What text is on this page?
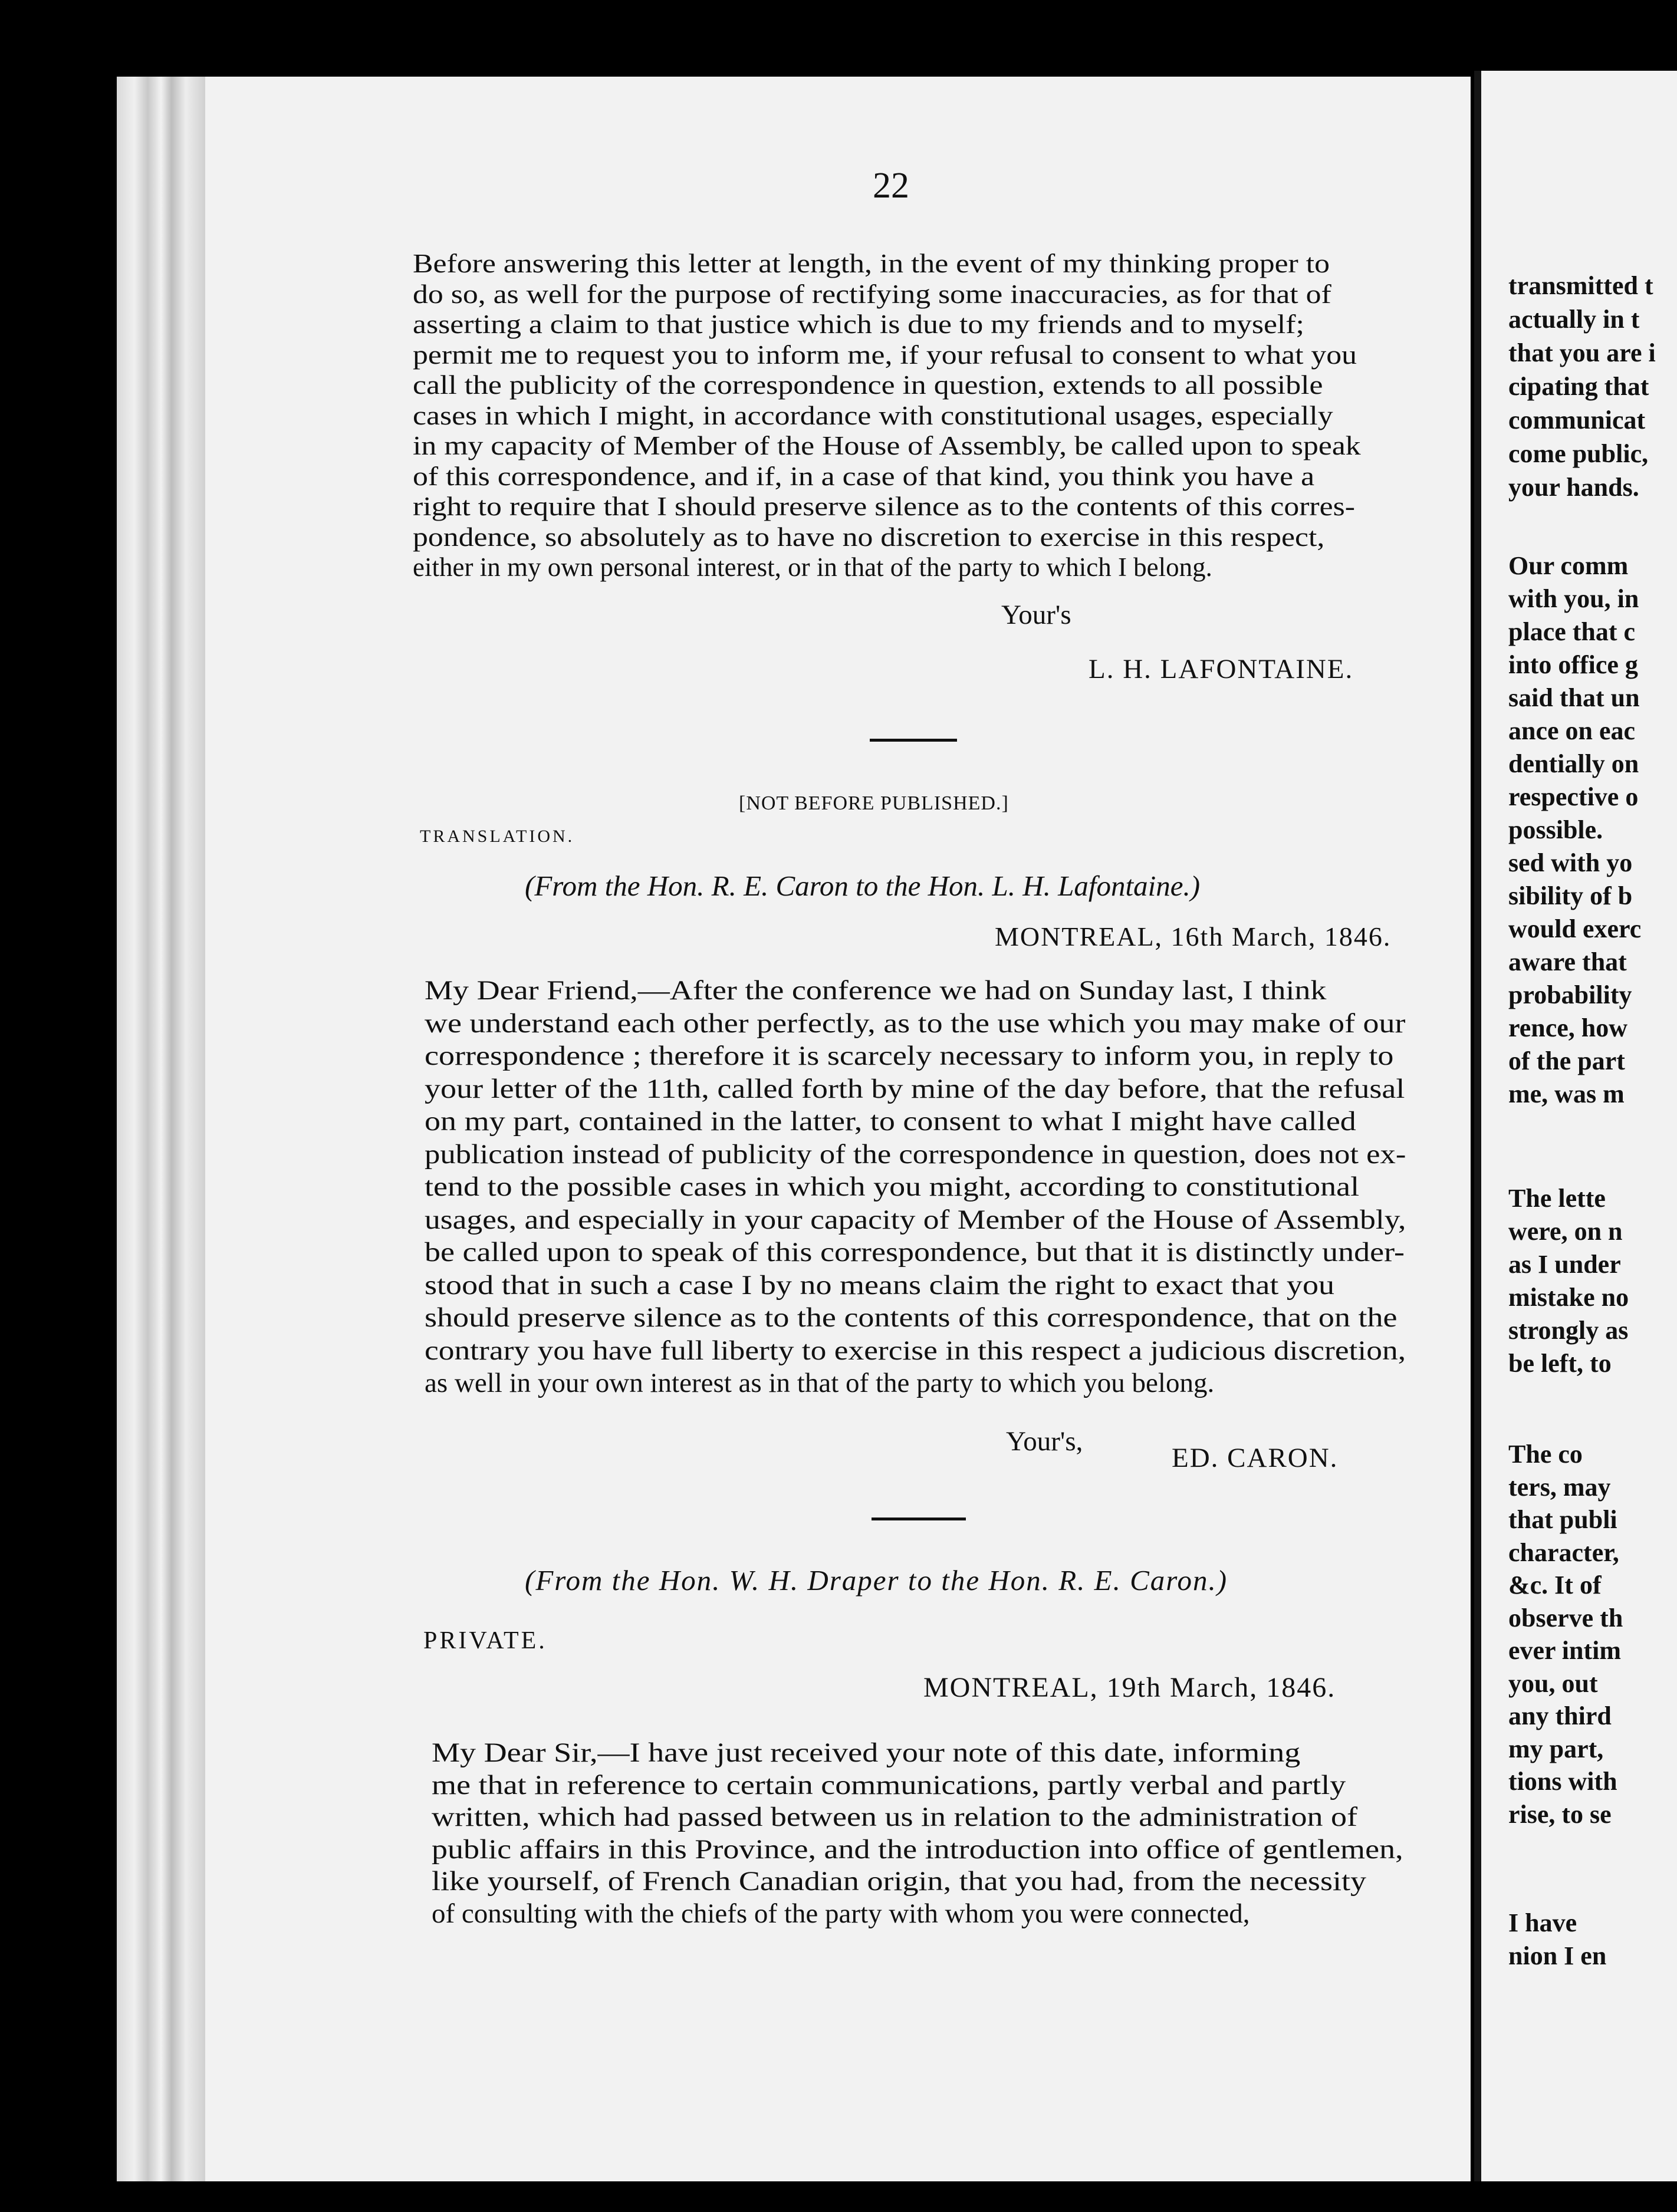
22
Before answering this letter at length, in the event of my thinking proper to
do so, as well for the purpose of rectifying some inaccuracies, as for that of
asserting a claim to that justice which is due to my friends and to myself;
permit me to request you to inform me, if your refusal to consent to what you
call the publicity of the correspondence in question, extends to all possible
cases in which I might, in accordance with constitutional usages, especially
in my capacity of Member of the House of Assembly, be called upon to speak
of this correspondence, and if, in a case of that kind, you think you have a
right to require that I should preserve silence as to the contents of this corres-
pondence, so absolutely as to have no discretion to exercise in this respect,
either in my own personal interest, or in that of the party to which I belong.
Your's
L. H. LAFONTAINE.
[NOT BEFORE PUBLISHED.]
TRANSLATION.
(From the Hon. R. E. Caron to the Hon. L. H. Lafontaine.)
MONTREAL, 16th March, 1846.
My Dear Friend,—After the conference we had on Sunday last, I think
we understand each other perfectly, as to the use which you may make of our
correspondence ; therefore it is scarcely necessary to inform you, in reply to
your letter of the 11th, called forth by mine of the day before, that the refusal
on my part, contained in the latter, to consent to what I might have called
publication instead of publicity of the correspondence in question, does not ex-
tend to the possible cases in which you might, according to constitutional
usages, and especially in your capacity of Member of the House of Assembly,
be called upon to speak of this correspondence, but that it is distinctly under-
stood that in such a case I by no means claim the right to exact that you
should preserve silence as to the contents of this correspondence, that on the
contrary you have full liberty to exercise in this respect a judicious discretion,
as well in your own interest as in that of the party to which you belong.
Your's,
ED. CARON.
(From the Hon. W. H. Draper to the Hon. R. E. Caron.)
PRIVATE.
MONTREAL, 19th March, 1846.
My Dear Sir,—I have just received your note of this date, informing
me that in reference to certain communications, partly verbal and partly
written, which had passed between us in relation to the administration of
public affairs in this Province, and the introduction into office of gentlemen,
like yourself, of French Canadian origin, that you had, from the necessity
of consulting with the chiefs of the party with whom you were connected,
transmitted t
actually in t
that you are i
cipating that
communicat
come public,
your hands.
Our comm
with you, in
place that c
into office g
said that un
ance on eac
dentially on
respective o
possible.
sed with yo
sibility of b
would exerc
aware that
probability
rence, how
of the part
me, was m
The lette
were, on n
as I under
mistake no
strongly as
be left, to
The co
ters, may
that publi
character,
&c. It of
observe th
ever intim
you, out
any third
my part,
tions with
rise, to se
I have
nion I en
